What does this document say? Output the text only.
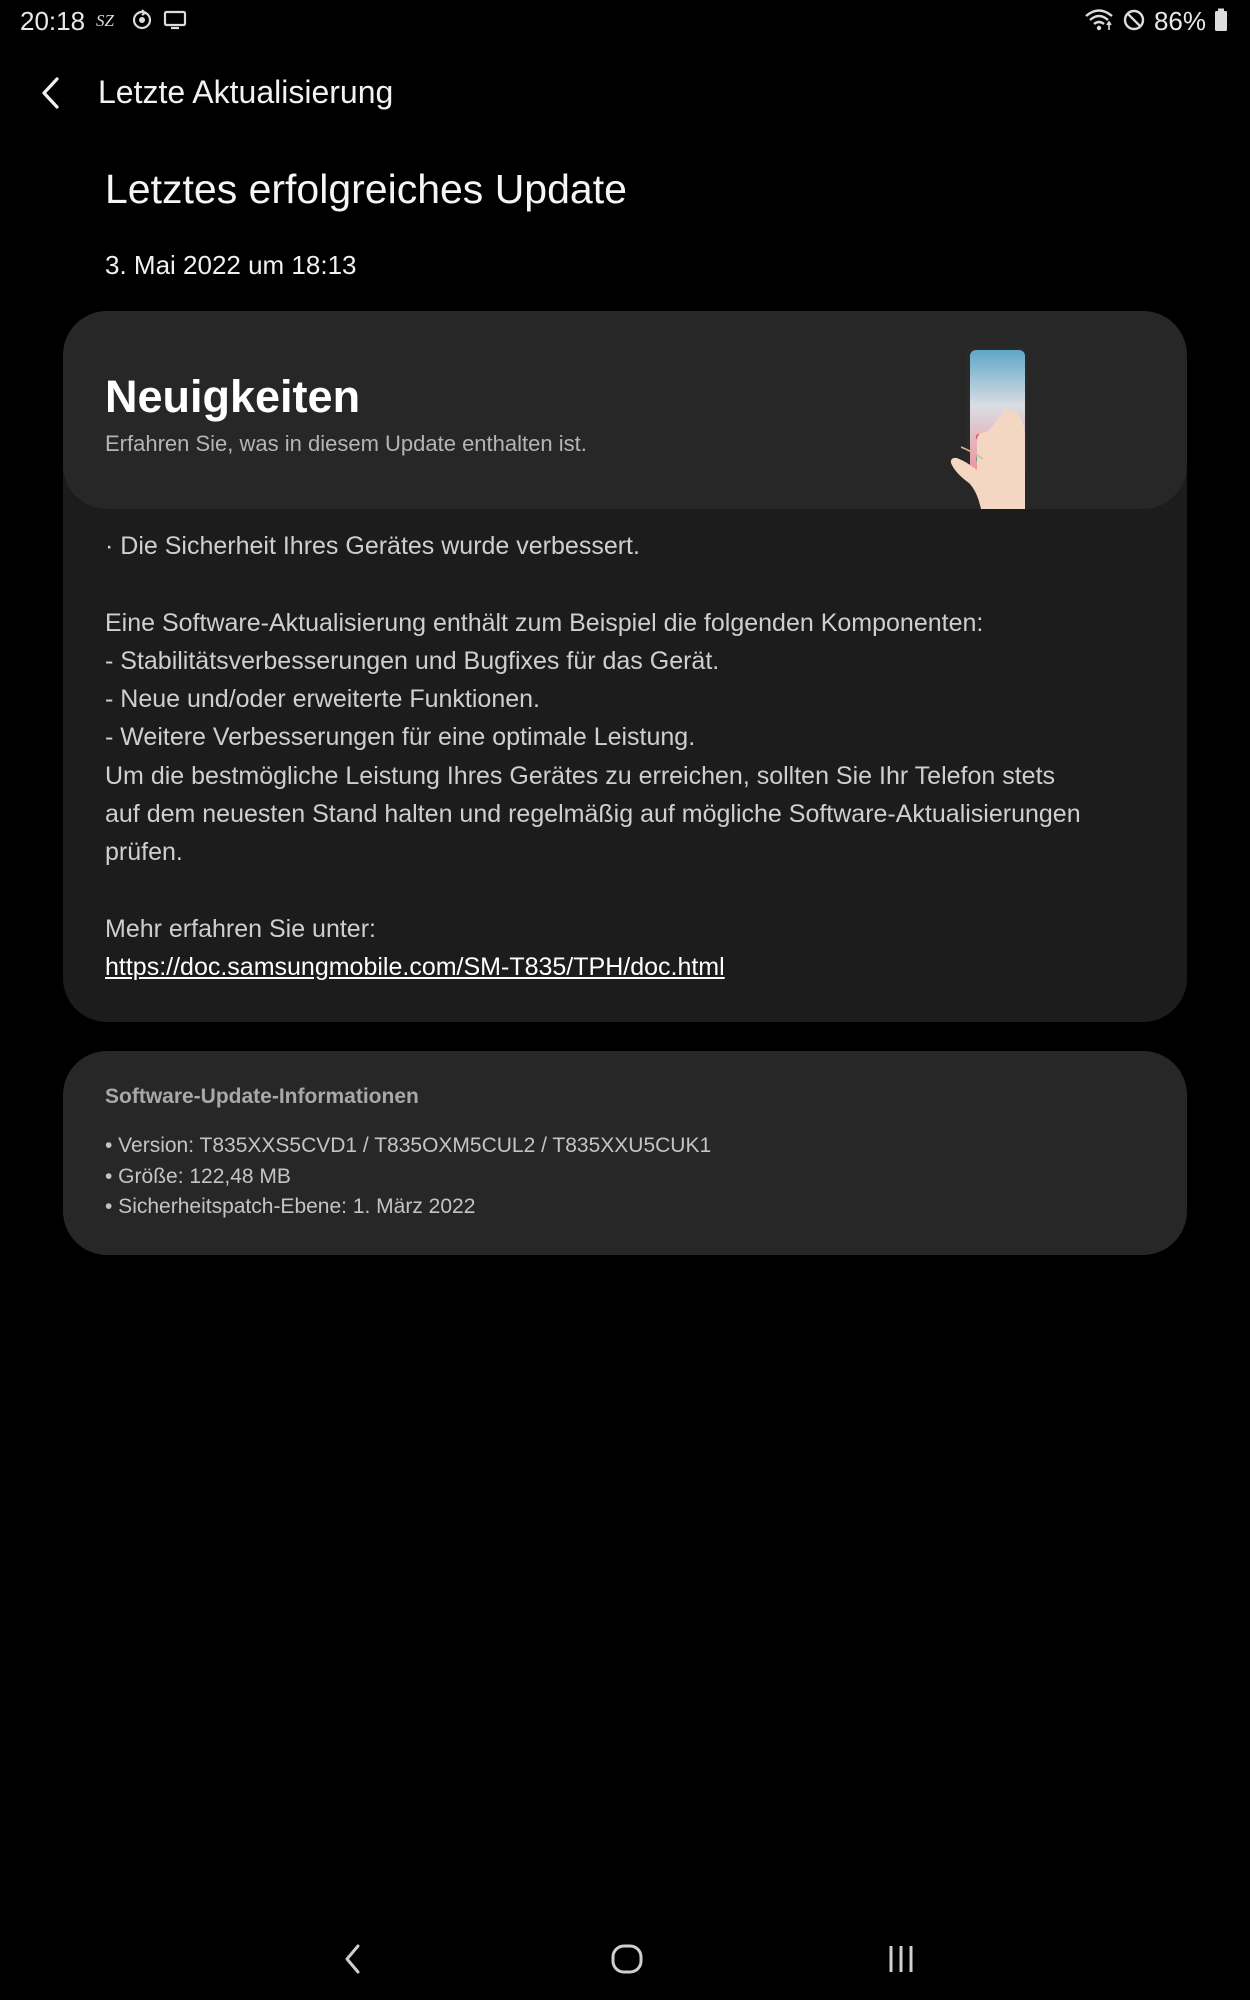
20:18 SZ	86%
Letzte Aktualisierung
Letztes erfolgreiches Update
3. Mai 2022 um 18:13
Neuigkeiten
Erfahren Sie, was in diesem Update enthalten ist.

· Die Sicherheit Ihres Gerätes wurde verbessert.

Eine Software-Aktualisierung enthält zum Beispiel die folgenden Komponenten:

- Stabilitätsverbesserungen und Bugfixes für das Gerät.

- Neue und/oder erweiterte Funktionen.

- Weitere Verbesserungen für eine optimale Leistung.

Um die bestmögliche Leistung Ihres Gerätes zu erreichen, sollten Sie Ihr Telefon stets

auf dem neuesten Stand halten und regelmäßig auf mögliche Software-Aktualisierungen

prüfen.

Mehr erfahren Sie unter:

https://doc.samsungmobile.com/SM-T835/TPH/doc.html

Software-Update-Informationen
• Version: T835XXS5CVD1 / T835OXM5CUL2 / T835XXU5CUK1
• Größe: 122,48 MB
• Sicherheitspatch-Ebene: 1. März 2022
